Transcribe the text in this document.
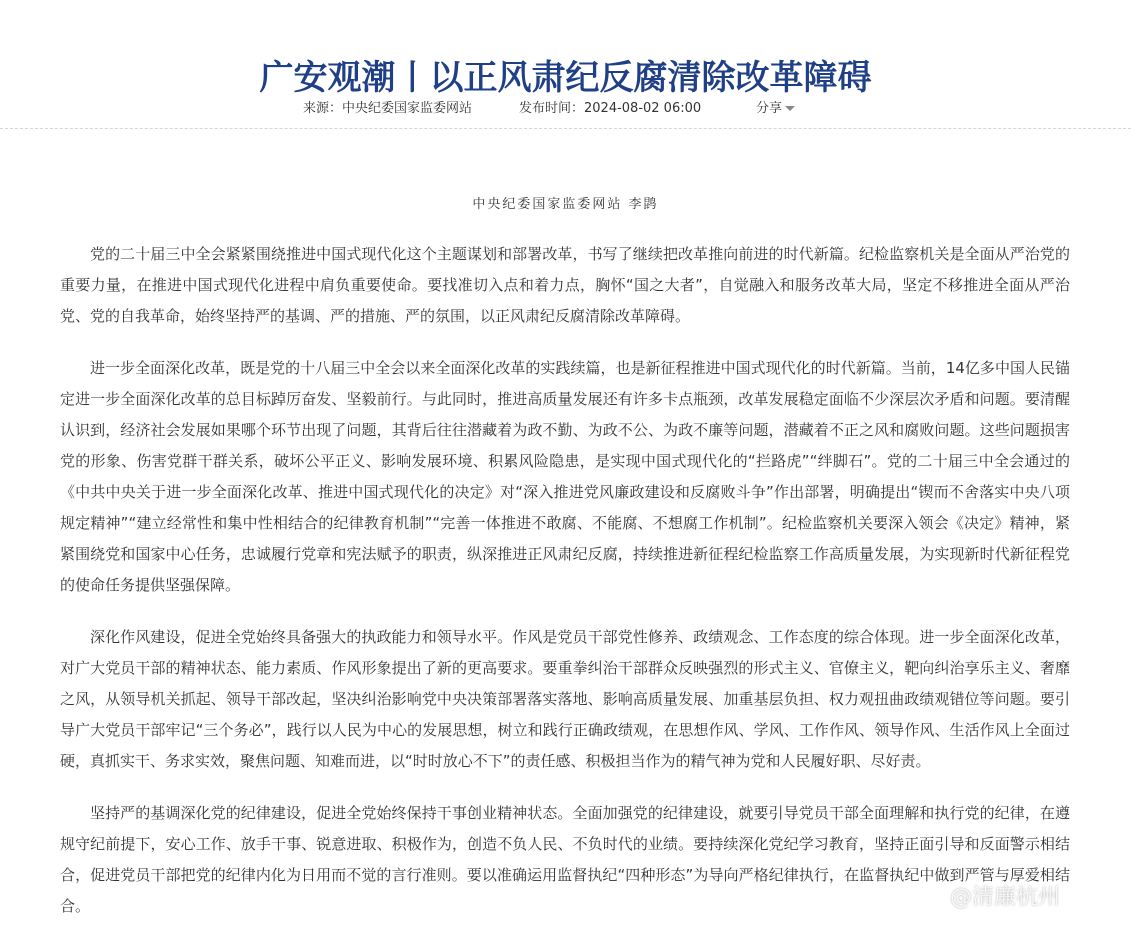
广安观潮丨以正风肃纪反腐清除改革障碍
来源：中央纪委国家监委网站	发布时间：2024-08-02 06:00	分享
中央纪委国家监委网站 李鹍

党的二十届三中全会紧紧围绕推进中国式现代化这个主题谋划和部署改革，书写了继续把改革推向前进的时代新篇。纪检监察机关是全面从严治党的重要力量，在推进中国式现代化进程中肩负重要使命。要找准切入点和着力点，胸怀“国之大者”，自觉融入和服务改革大局，坚定不移推进全面从严治党、党的自我革命，始终坚持严的基调、严的措施、严的氛围，以正风肃纪反腐清除改革障碍。

进一步全面深化改革，既是党的十八届三中全会以来全面深化改革的实践续篇，也是新征程推进中国式现代化的时代新篇。当前，14亿多中国人民锚定进一步全面深化改革的总目标踔厉奋发、坚毅前行。与此同时，推进高质量发展还有许多卡点瓶颈，改革发展稳定面临不少深层次矛盾和问题。要清醒认识到，经济社会发展如果哪个环节出现了问题，其背后往往潜藏着为政不勤、为政不公、为政不廉等问题，潜藏着不正之风和腐败问题。这些问题损害党的形象、伤害党群干群关系，破坏公平正义、影响发展环境、积累风险隐患，是实现中国式现代化的“拦路虎”“绊脚石”。党的二十届三中全会通过的《中共中央关于进一步全面深化改革、推进中国式现代化的决定》对“深入推进党风廉政建设和反腐败斗争”作出部署，明确提出“锲而不舍落实中央八项规定精神”“建立经常性和集中性相结合的纪律教育机制”“完善一体推进不敢腐、不能腐、不想腐工作机制”。纪检监察机关要深入领会《决定》精神，紧紧围绕党和国家中心任务，忠诚履行党章和宪法赋予的职责，纵深推进正风肃纪反腐，持续推进新征程纪检监察工作高质量发展，为实现新时代新征程党的使命任务提供坚强保障。

深化作风建设，促进全党始终具备强大的执政能力和领导水平。作风是党员干部党性修养、政绩观念、工作态度的综合体现。进一步全面深化改革，对广大党员干部的精神状态、能力素质、作风形象提出了新的更高要求。要重拳纠治干部群众反映强烈的形式主义、官僚主义，靶向纠治享乐主义、奢靡之风，从领导机关抓起、领导干部改起，坚决纠治影响党中央决策部署落实落地、影响高质量发展、加重基层负担、权力观扭曲政绩观错位等问题。要引导广大党员干部牢记“三个务必”，践行以人民为中心的发展思想，树立和践行正确政绩观，在思想作风、学风、工作作风、领导作风、生活作风上全面过硬，真抓实干、务求实效，聚焦问题、知难而进，以“时时放心不下”的责任感、积极担当作为的精气神为党和人民履好职、尽好责。

坚持严的基调深化党的纪律建设，促进全党始终保持干事创业精神状态。全面加强党的纪律建设，就要引导党员干部全面理解和执行党的纪律，在遵规守纪前提下，安心工作、放手干事、锐意进取、积极作为，创造不负人民、不负时代的业绩。要持续深化党纪学习教育，坚持正面引导和反面警示相结合，促进党员干部把党的纪律内化为日用而不觉的言行准则。要以准确运用监督执纪“四种形态”为导向严格纪律执行，在监督执纪中做到严管与厚爱相结合。	@清廉杭州
